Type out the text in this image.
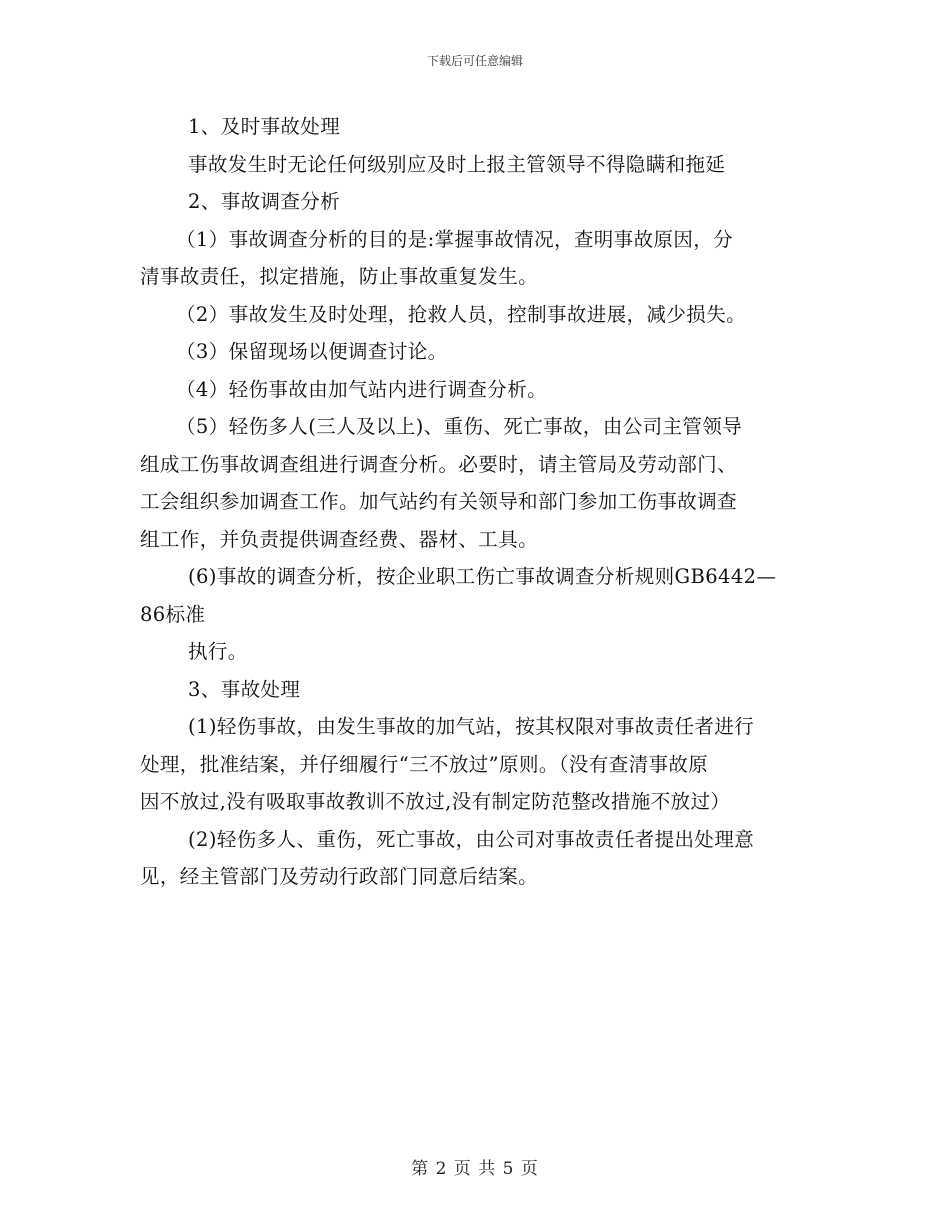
下载后可任意编辑

1、及时事故处理

事故发生时无论任何级别应及时上报主管领导不得隐瞒和拖延

2、事故调查分析

（1）事故调查分析的目的是:掌握事故情况，查明事故原因，分

清事故责任，拟定措施，防止事故重复发生。

（2）事故发生及时处理，抢救人员，控制事故进展，减少损失。

（3）保留现场以便调查讨论。

（4）轻伤事故由加气站内进行调查分析。

（5）轻伤多人(三人及以上)、重伤、死亡事故，由公司主管领导

组成工伤事故调查组进行调查分析。必要时，请主管局及劳动部门、

工会组织参加调查工作。加气站约有关领导和部门参加工伤事故调查

组工作，并负责提供调查经费、器材、工具。

(6)事故的调查分析，按企业职工伤亡事故调查分析规则GB6442—

86标准

执行。

3、事故处理

(1)轻伤事故，由发生事故的加气站，按其权限对事故责任者进行

处理，批准结案，并仔细履行“三不放过”原则。（没有查清事故原

因不放过,没有吸取事故教训不放过,没有制定防范整改措施不放过）

(2)轻伤多人、重伤，死亡事故，由公司对事故责任者提出处理意

见，经主管部门及劳动行政部门同意后结案。

第 2 页 共 5 页
